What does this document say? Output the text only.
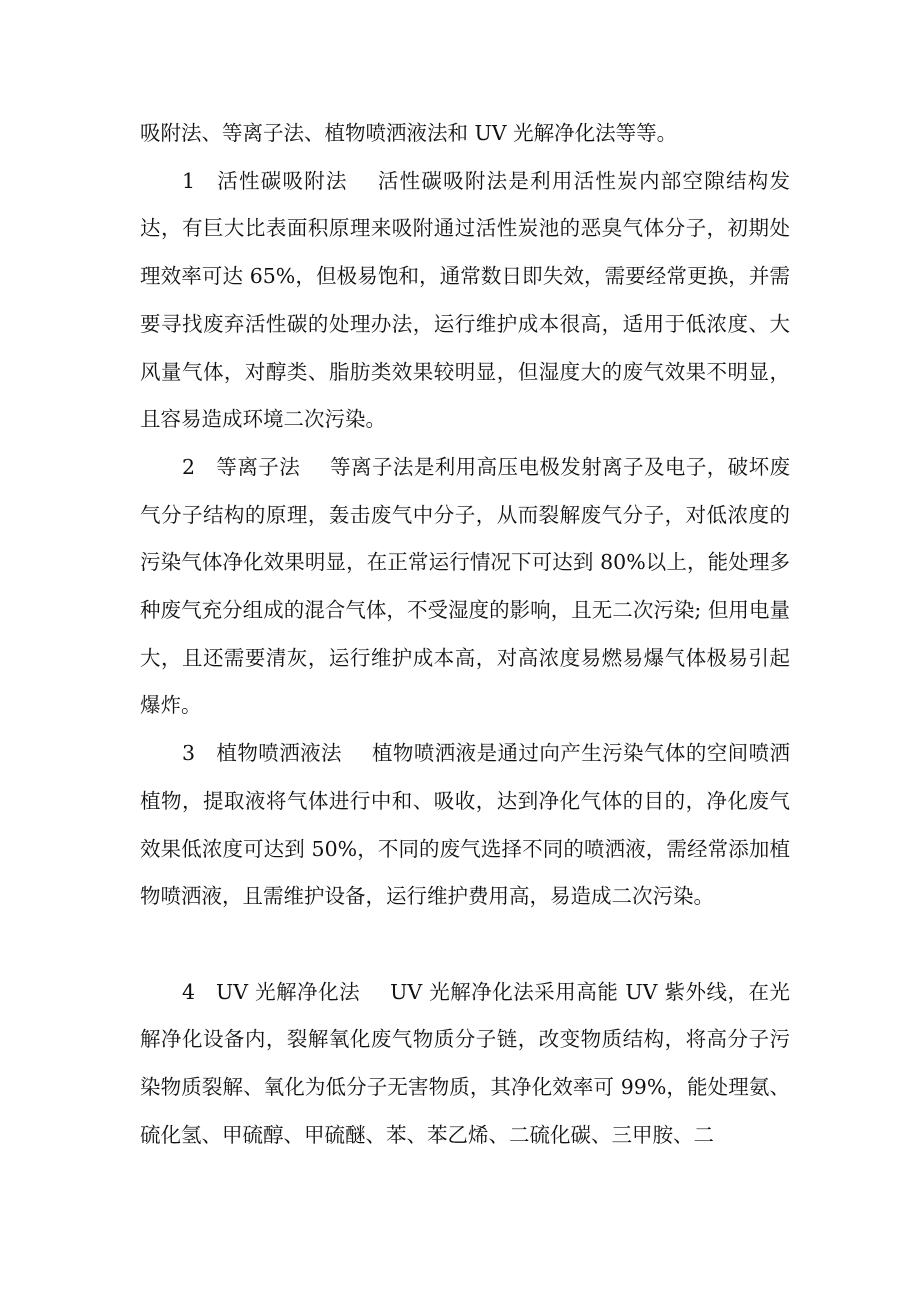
吸附法、等离子法、植物喷洒液法和 UV 光解净化法等等。

1 活性碳吸附法 活性碳吸附法是利用活性炭内部空隙结构发达，有巨大比表面积原理来吸附通过活性炭池的恶臭气体分子，初期处理效率可达 65%，但极易饱和，通常数日即失效，需要经常更换，并需要寻找废弃活性碳的处理办法，运行维护成本很高，适用于低浓度、大风量气体，对醇类、脂肪类效果较明显，但湿度大的废气效果不明显，且容易造成环境二次污染。

2 等离子法 等离子法是利用高压电极发射离子及电子，破坏废气分子结构的原理，轰击废气中分子，从而裂解废气分子，对低浓度的污染气体净化效果明显，在正常运行情况下可达到 80%以上，能处理多种废气充分组成的混合气体，不受湿度的影响，且无二次污染; 但用电量大，且还需要清灰，运行维护成本高，对高浓度易燃易爆气体极易引起爆炸。

3 植物喷洒液法 植物喷洒液是通过向产生污染气体的空间喷洒植物，提取液将气体进行中和、吸收，达到净化气体的目的，净化废气效果低浓度可达到 50%，不同的废气选择不同的喷洒液，需经常添加植物喷洒液，且需维护设备，运行维护费用高，易造成二次污染。

4 UV 光解净化法 UV 光解净化法采用高能 UV 紫外线，在光解净化设备内，裂解氧化废气物质分子链，改变物质结构，将高分子污染物质裂解、氧化为低分子无害物质，其净化效率可 99%，能处理氨、硫化氢、甲硫醇、甲硫醚、苯、苯乙烯、二硫化碳、三甲胺、二
